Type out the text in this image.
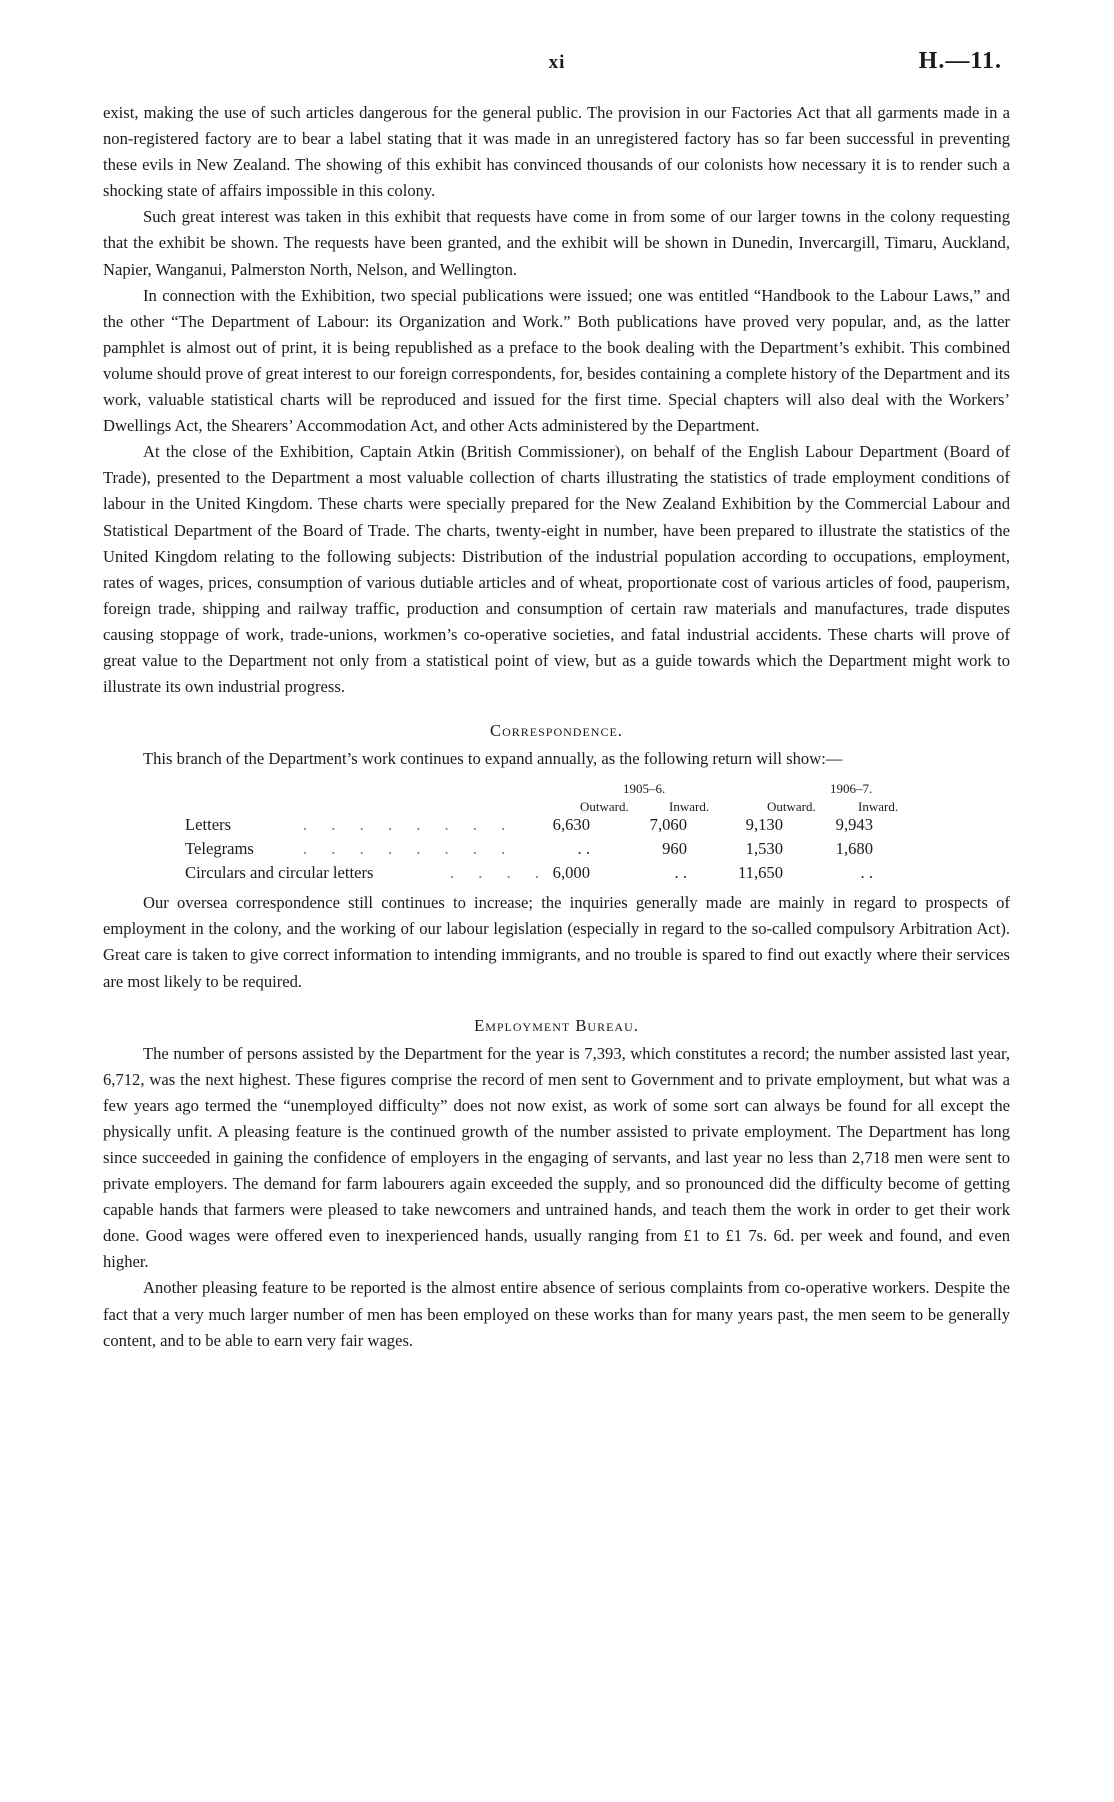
xi	H.—11.

exist, making the use of such articles dangerous for the general public. The provision in our Factories Act that all garments made in a non-registered factory are to bear a label stating that it was made in an unregistered factory has so far been successful in preventing these evils in New Zealand. The showing of this exhibit has convinced thousands of our colonists how necessary it is to render such a shocking state of affairs impossible in this colony.

Such great interest was taken in this exhibit that requests have come in from some of our larger towns in the colony requesting that the exhibit be shown. The requests have been granted, and the exhibit will be shown in Dunedin, Invercargill, Timaru, Auckland, Napier, Wanganui, Palmerston North, Nelson, and Wellington.

In connection with the Exhibition, two special publications were issued; one was entitled “Handbook to the Labour Laws,” and the other “The Department of Labour: its Organization and Work.” Both publications have proved very popular, and, as the latter pamphlet is almost out of print, it is being republished as a preface to the book dealing with the Department’s exhibit. This combined volume should prove of great interest to our foreign correspondents, for, besides containing a complete history of the Department and its work, valuable statistical charts will be reproduced and issued for the first time. Special chapters will also deal with the Workers’ Dwellings Act, the Shearers’ Accommodation Act, and other Acts administered by the Department.

At the close of the Exhibition, Captain Atkin (British Commissioner), on behalf of the English Labour Department (Board of Trade), presented to the Department a most valuable collection of charts illustrating the statistics of trade employment conditions of labour in the United Kingdom. These charts were specially prepared for the New Zealand Exhibition by the Commercial Labour and Statistical Department of the Board of Trade. The charts, twenty-eight in number, have been prepared to illustrate the statistics of the United Kingdom relating to the following subjects: Distribution of the industrial population according to occupations, employment, rates of wages, prices, consumption of various dutiable articles and of wheat, proportionate cost of various articles of food, pauperism, foreign trade, shipping and railway traffic, production and consumption of certain raw materials and manufactures, trade disputes causing stoppage of work, trade-unions, workmen’s co-operative societies, and fatal industrial accidents. These charts will prove of great value to the Department not only from a statistical point of view, but as a guide towards which the Department might work to illustrate its own industrial progress.

Correspondence.

This branch of the Department’s work continues to expand annually, as the following return will show:—

1905–6.	1906–7.
Outward.	Inward.	Outward.	Inward.
Letters	. . . . . . . .	6,630	7,060	9,130	9,943
Telegrams	. . . . . . . .	. .	960	1,530	1,680
Circulars and circular letters	. . . . 6,000	. .	11,650	. .

Our oversea correspondence still continues to increase; the inquiries generally made are mainly in regard to prospects of employment in the colony, and the working of our labour legislation (especially in regard to the so-called compulsory Arbitration Act). Great care is taken to give correct information to intending immigrants, and no trouble is spared to find out exactly where their services are most likely to be required.

Employment Bureau.

The number of persons assisted by the Department for the year is 7,393, which constitutes a record; the number assisted last year, 6,712, was the next highest. These figures comprise the record of men sent to Government and to private employment, but what was a few years ago termed the “unemployed difficulty” does not now exist, as work of some sort can always be found for all except the physically unfit. A pleasing feature is the continued growth of the number assisted to private employment. The Department has long since succeeded in gaining the confidence of employers in the engaging of servants, and last year no less than 2,718 men were sent to private employers. The demand for farm labourers again exceeded the supply, and so pronounced did the difficulty become of getting capable hands that farmers were pleased to take newcomers and untrained hands, and teach them the work in order to get their work done. Good wages were offered even to inexperienced hands, usually ranging from £1 to £1 7s. 6d. per week and found, and even higher.

Another pleasing feature to be reported is the almost entire absence of serious complaints from co-operative workers. Despite the fact that a very much larger number of men has been employed on these works than for many years past, the men seem to be generally content, and to be able to earn very fair wages.
